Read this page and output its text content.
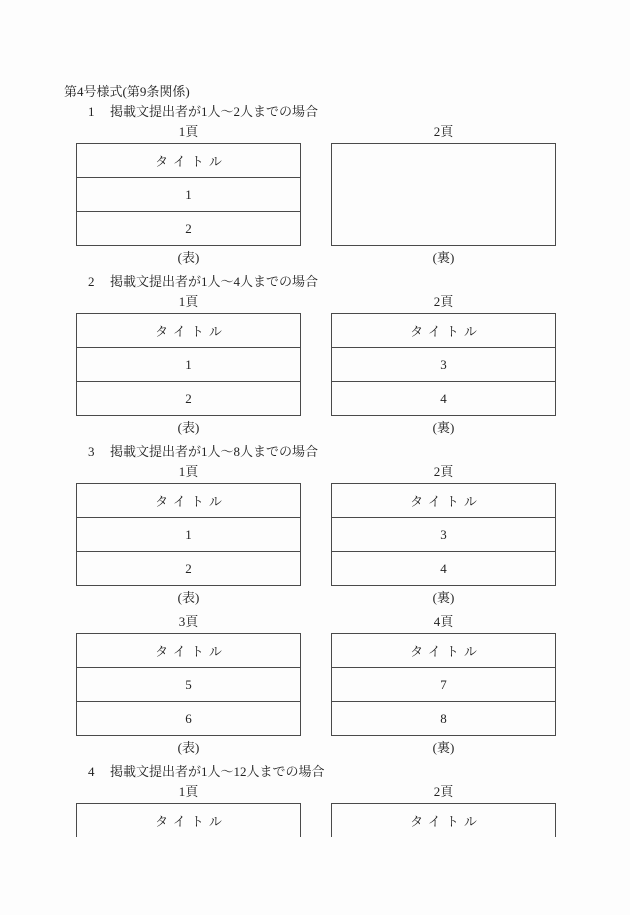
第4号様式(第9条関係)
1 掲載文提出者が1人～2人までの場合
1頁
タイトル
1
2
(表)
2頁
(裏)
2 掲載文提出者が1人～4人までの場合
1頁
タイトル
1
2
(表)
2頁
タイトル
3
4
(裏)
3 掲載文提出者が1人～8人までの場合
1頁
タイトル
1
2
(表)
2頁
タイトル
3
4
(裏)
3頁
タイトル
5
6
(表)
4頁
タイトル
7
8
(裏)
4 掲載文提出者が1人～12人までの場合
1頁
タイトル
2頁
タイトル
